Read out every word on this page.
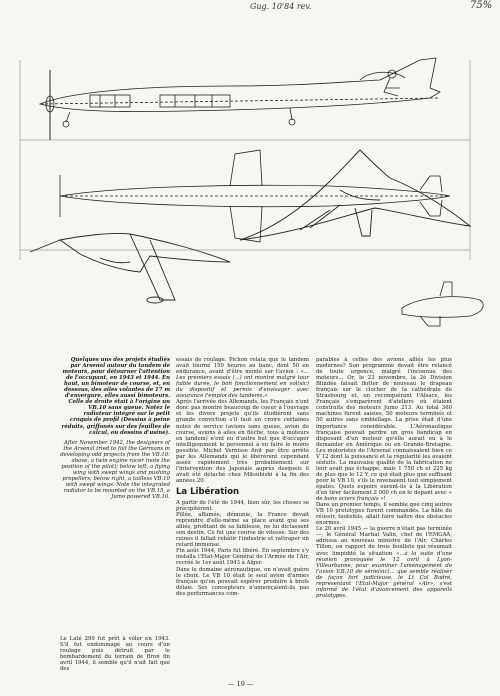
Gug. 10'84 rev.	75%

Quelques uns des projets étudiés par Arsenal autour du tandem de moteurs, pour détourner l'attention de l'occupant, en 1943 et 1944. En haut, un bimoteur de course, et, en dessous, des ailes volantes de 17 m d'envergure, elles aussi bimoteurs. Celle de droite était à l'origine un VB.10 sans queue. Notez le radiateur intégré sur le petit croquis de profil (Dessins à peine réduits, griffonés sur des feuilles de calcul, ou dessins d'usine).

After November 1942, the designers of the Arsenal tried to foil the Germans in developing odd projects from the VB.10: above, a twin engine racer (note the position of the pilot); below left, a flying wing with swept wings and pushing propellers; below right, a tailless VB.10 with swept wings. Note the integrated radiator to be mounted on the VB.15, a Jumo powered VB.10.

Le Laté 299 fut prêt à voler en 1943. S'il fut endommagé au cours d'un roulage puis détruit par le bombardement du terrain de Bron fin avril 1944, il semble qu'il n'ait fait que des

essais de roulage. Pichon relata que le tandem avait tourné 150 heures au banc, dont 50 en endurance, avant d'être monté sur l'avion : «... Les premiers essais (...) ont montré malgré tour faible durée, le bon fonctionnement en vol(sic) du dispositif et permis d'envisager avec assurance l'emploi des tandems.»

Après l'arrivée des Allemands, les Français n'ont donc pas montré beaucoup de coeur à l'ouvrage et les divers projets qu'ils étudièrent sans grande conviction s'il faut en croire certaines notes de service (avions sans queue, avion de course, avions à ailes en flèche, tous à moteurs en tandem) n'ont eu d'autre but que d'occuper intelligemment le personnel à en faire le moins possible. Michel Vernisse finit par être arrêté par les Allemands qui le libérèrent cependant assez rapidement très probablement sur l'intervention des Japonais auprès desquels il avait été détaché chez Mitsubishi à la fin des années 20.

La Libération

A partir de l'été de 1944, bien sûr, les choses se précipitèrent.

Pillée, affamée, démunie, la France devait reprendre d'elle-même sa place avant que ses alliés, profitant de sa faiblesse, ne lui dictassent son destin. Ce fut une course de vitesse. Sur des ruines il fallait rebâtir l'industrie et rattraper un retard immense.

Fin août 1944, Paris fut libéré. En septembre s'y installa l'Etat-Major Général de l'Armée de l'Air, recréé le 1er août 1943 à Alger.

Dans le domaine aéronautique, on n'avait guère le choix. Le VB 10 était le seul avion d'armes français qu'on pouvait espérer produire à brefs délais. Ses concepteurs n'annonçaient-ils pas des performances com-

parables à celles des avions alliés les plus modernes? Son programme devait être relancé de toute urgence, malgré l'inconnue des moteurs... Or, le 23 novembre, la 2è Division Blindée faisait flotter de nouveau le drapeau français sur le clocher de la cathédrale de Strasbourg et, en reconquérant l'Alsace, les Français s'emparèrent d'ateliers où étaient construits des moteurs Jumo 213. Au total 360 machines furent saisies, 50 moteurs terminés et 50 autres sans embiellage. La prise était d'une importance considérable. L'Aéronautique française pouvait perdre un gros handicap en disposant d'un moteur qu'elle aurait eu à le demander en Amérique ou en Grande-Bretagne. Les motoristes de l'Arsenal connaissaient bien ce V 12 dont la puissance et la régularité les avaient séduits. La mauvaise qualité de la fabrication ne leur avait pas échappé, mais 1 750 ch et 225 kg de plus que le 12 Y, ce qui était plus que suffisant pour le VB 10, s'ils le revenaient tout simplement épatés. Quels espoirs eurent-ils à la Libération d'en tirer facilement 2 000 ch en le dopant avec « de bons aciers français »!

Dans un premier temps, il semble que cinq autres VB 10 prototypes furent commandés. La hâte de réussir, toutefois, allait faire naître des obstacles énormes.

Le 20 avril 1945 — la guerre n'était pas terminée —, le Général Martial Valin, chef de l'EMGAA, adressa au nouveau ministre de l'Air, Charles Tillon, un rapport de trois feuillets qui résumait avec limpidité la situation «...à la suite d'une réunion provoquée le 12 avril à Lyon-Villeurbanne, pour examiner l'aménagement de l'avion V.B.10 de série(sic)... que semble réaliser de façon fort judicieuse, le Lt Col Badré, représentant l'Etat-Major général «Air», s'est informé de l'état d'avancement des appareils prototypes.

— 19 —
